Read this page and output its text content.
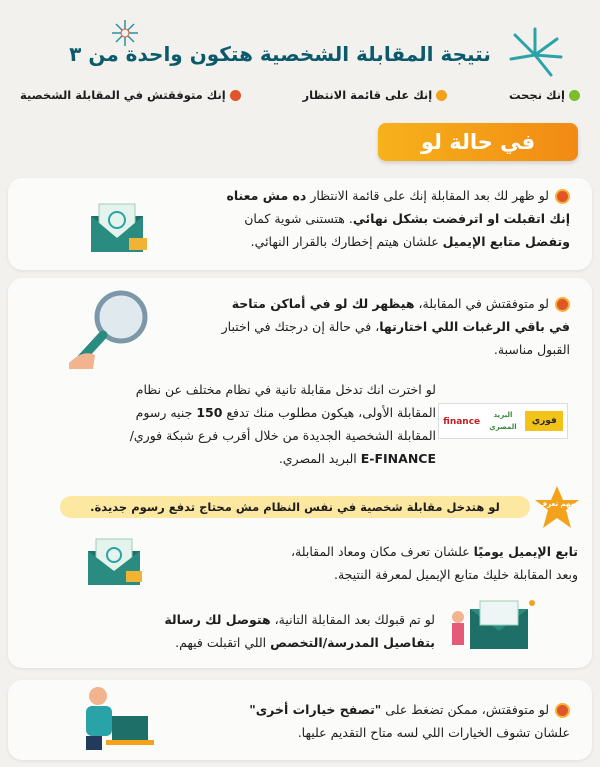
نتيجة المقابلة الشخصية هتكون واحدة من ٣
إنك نجحت
إنك على قائمة الانتظار
إنك متوفقتش في المقابلة الشخصية
في حالة لو
لو ظهر لك بعد المقابلة إنك على قائمة الانتظار ده مش معناه
إنك اتقبلت او اترفضت بشكل نهائي. هتستنى شوية كمان
وتفضل متابع الإيميل علشان هيتم إخطارك بالقرار النهائي.
لو متوفقتش في المقابلة، هيظهر لك لو في أماكن متاحة
في باقي الرغبات اللي اختارتها، في حالة إن درجتك في اختبار
القبول مناسبة.
لو اخترت انك تدخل مقابلة تانية في نظام مختلف عن نظام
المقابلة الأولى، هيكون مطلوب منك تدفع 150 جنيه رسوم
المقابلة الشخصية الجديدة من خلال أقرب فرع شبكة فوري/
E-FINANCE البريد المصري.
finance
البريد المصري
فوري
مهم تعرف
لو هتدخل مقابلة شخصية في نفس النظام مش محتاج تدفع رسوم جديدة.
تابع الإيميل يوميًا علشان تعرف مكان ومعاد المقابلة،
وبعد المقابلة خليك متابع الإيميل لمعرفة النتيجة.
لو تم قبولك بعد المقابلة التانية، هتوصل لك رسالة
بتفاصيل المدرسة/التخصص اللي اتقبلت فيهم.
لو متوفقتش، ممكن تضغط على "تصفح خيارات أخرى"
علشان تشوف الخيارات اللي لسه متاح التقديم عليها.
